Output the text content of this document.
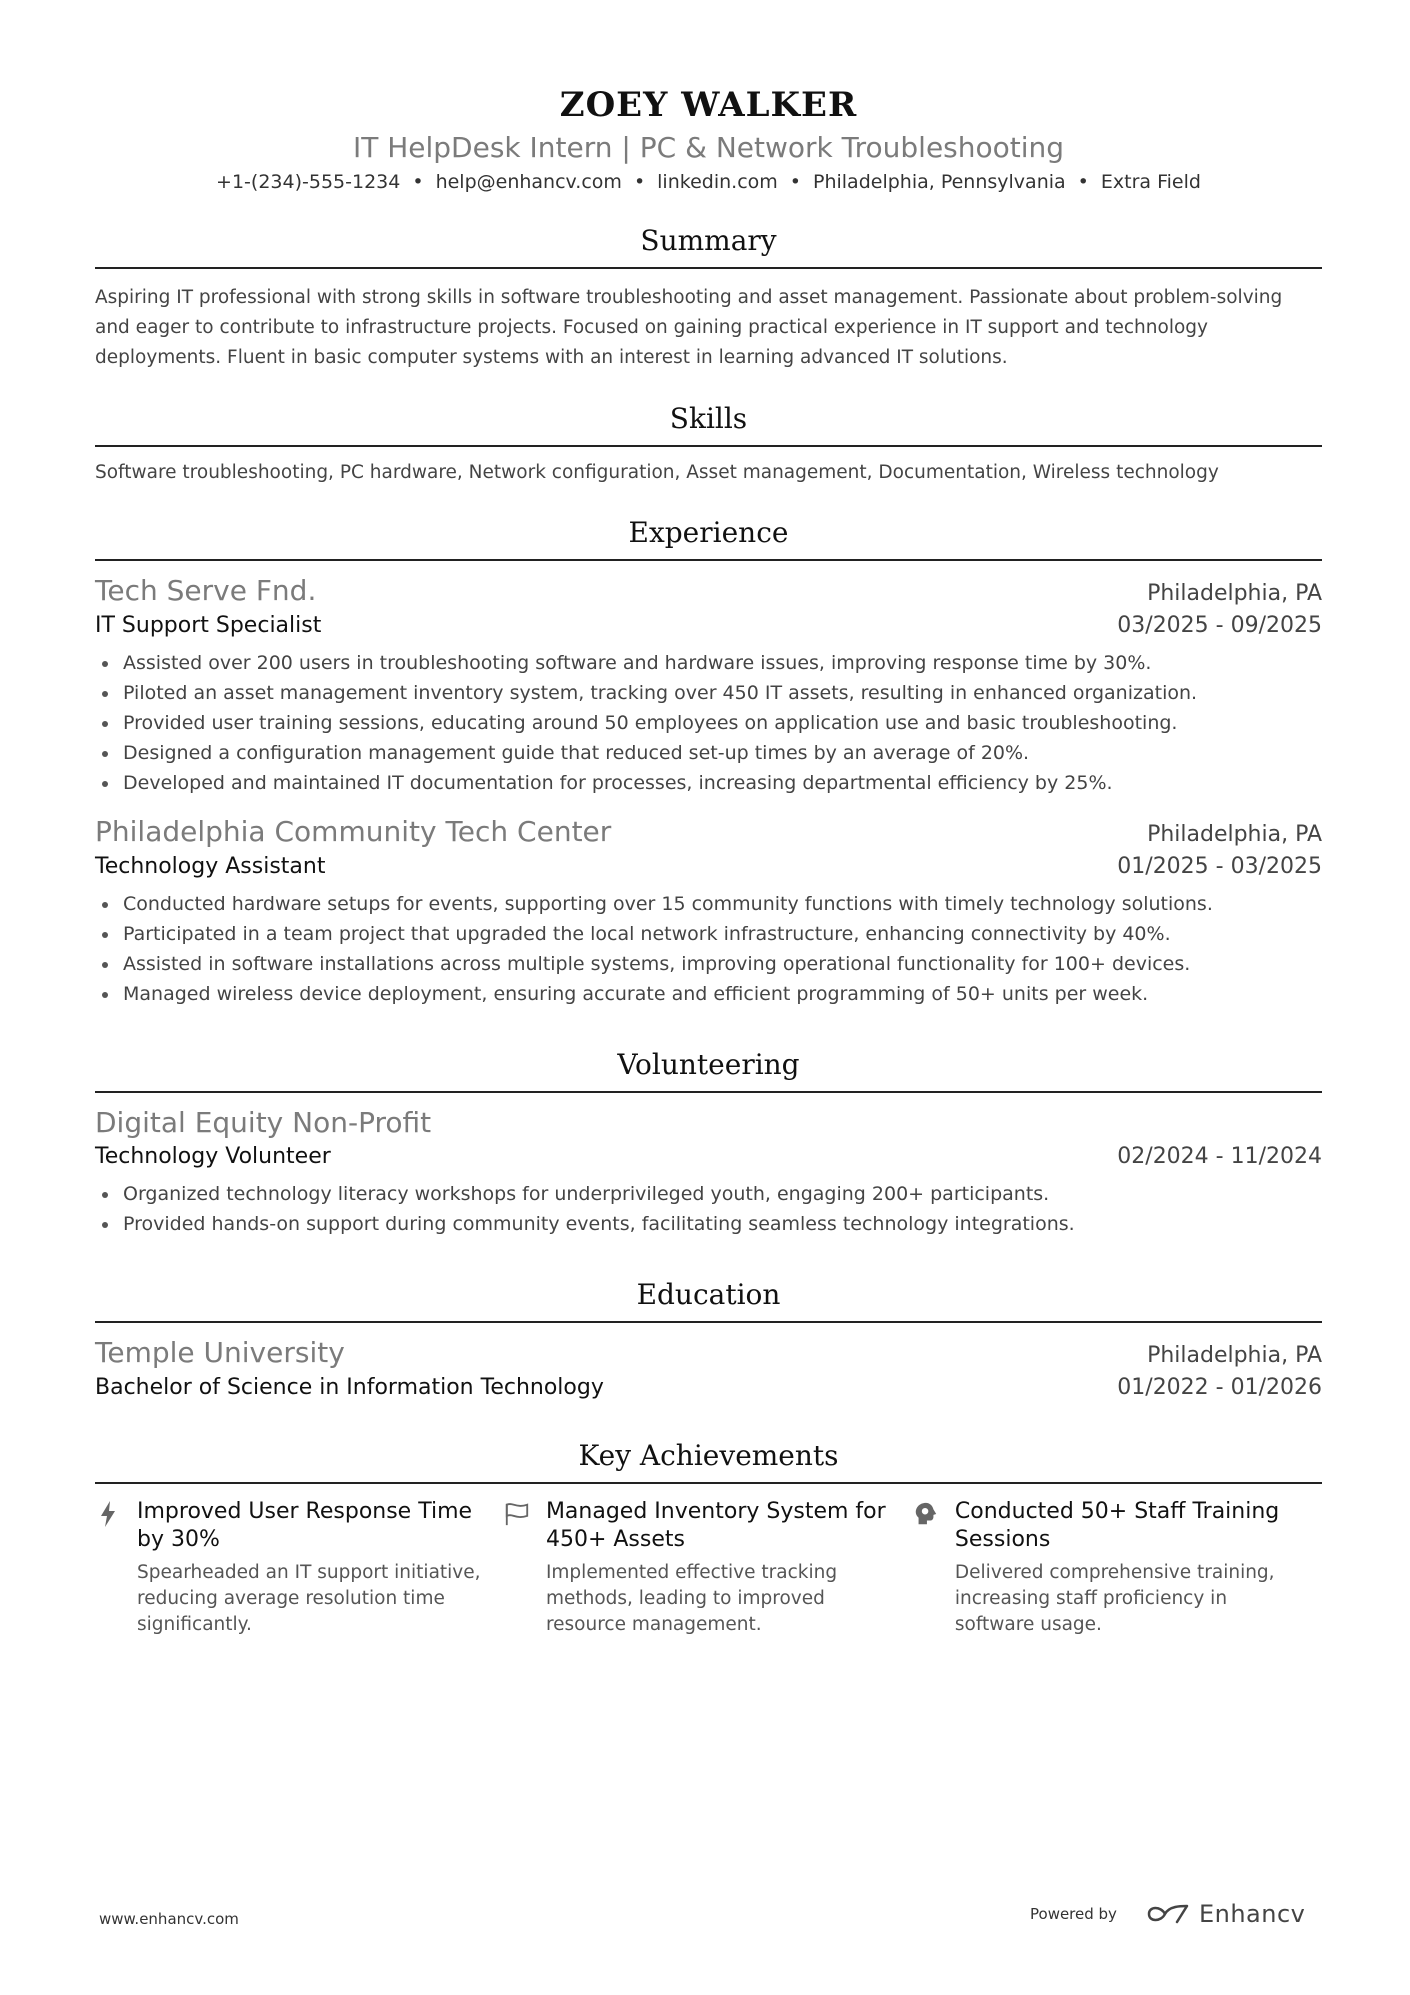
ZOEY WALKER
IT HelpDesk Intern | PC & Network Troubleshooting
+1-(234)-555-1234 • help@enhancv.com • linkedin.com • Philadelphia, Pennsylvania • Extra Field
Summary
Aspiring IT professional with strong skills in software troubleshooting and asset management. Passionate about problem-solving and eager to contribute to infrastructure projects. Focused on gaining practical experience in IT support and technology deployments. Fluent in basic computer systems with an interest in learning advanced IT solutions.
Skills
Software troubleshooting, PC hardware, Network configuration, Asset management, Documentation, Wireless technology
Experience
Tech Serve Fnd.	Philadelphia, PA
IT Support Specialist	03/2025 - 09/2025
Assisted over 200 users in troubleshooting software and hardware issues, improving response time by 30%.
Piloted an asset management inventory system, tracking over 450 IT assets, resulting in enhanced organization.
Provided user training sessions, educating around 50 employees on application use and basic troubleshooting.
Designed a configuration management guide that reduced set-up times by an average of 20%.
Developed and maintained IT documentation for processes, increasing departmental efficiency by 25%.
Philadelphia Community Tech Center	Philadelphia, PA
Technology Assistant	01/2025 - 03/2025
Conducted hardware setups for events, supporting over 15 community functions with timely technology solutions.
Participated in a team project that upgraded the local network infrastructure, enhancing connectivity by 40%.
Assisted in software installations across multiple systems, improving operational functionality for 100+ devices.
Managed wireless device deployment, ensuring accurate and efficient programming of 50+ units per week.
Volunteering
Digital Equity Non-Profit
Technology Volunteer	02/2024 - 11/2024
Organized technology literacy workshops for underprivileged youth, engaging 200+ participants.
Provided hands-on support during community events, facilitating seamless technology integrations.
Education
Temple University	Philadelphia, PA
Bachelor of Science in Information Technology	01/2022 - 01/2026
Key Achievements
Improved User Response Time by 30%
Spearheaded an IT support initiative, reducing average resolution time significantly.
Managed Inventory System for 450+ Assets
Implemented effective tracking methods, leading to improved resource management.
Conducted 50+ Staff Training Sessions
Delivered comprehensive training, increasing staff proficiency in software usage.
www.enhancv.com	Powered by	Enhancv
